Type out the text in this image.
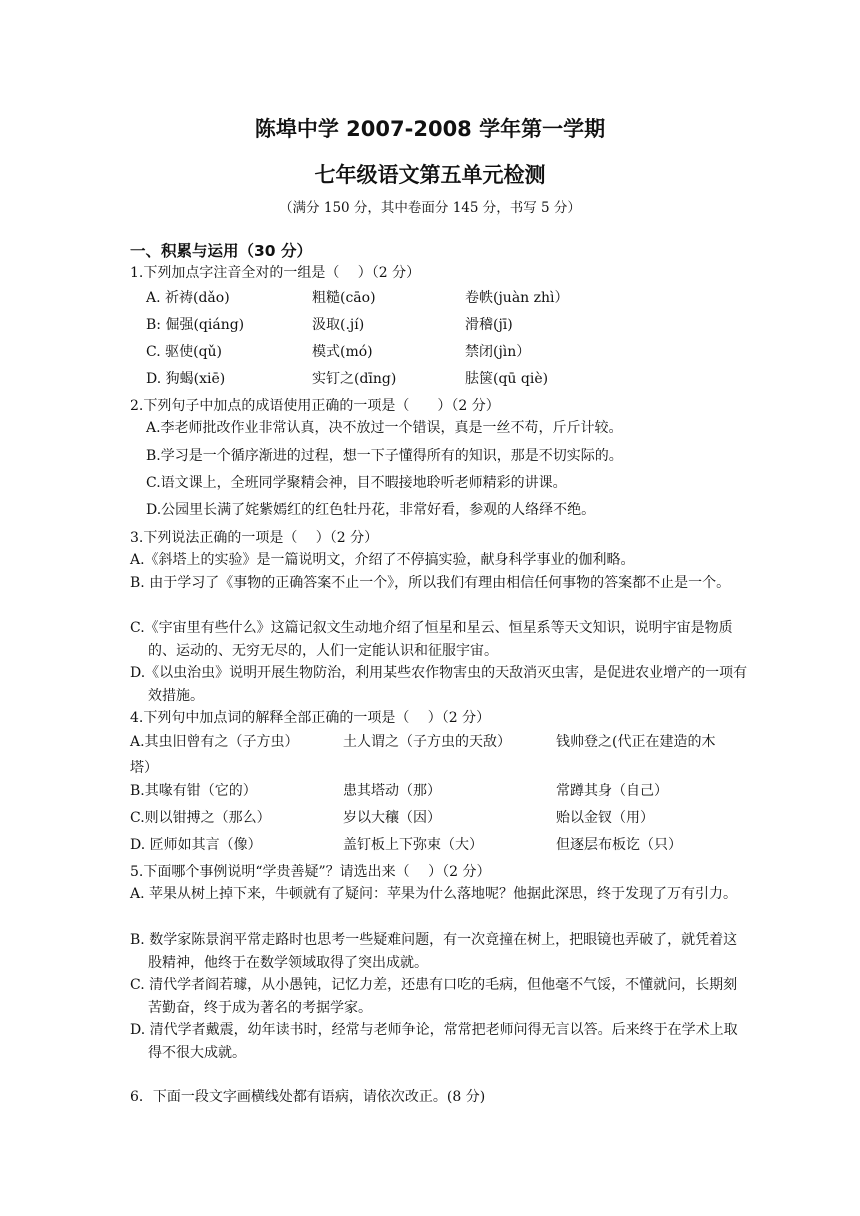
陈埠中学 2007-2008 学年第一学期
七年级语文第五单元检测
（满分 150 分，其中卷面分 145 分，书写 5 分）
一、积累与运用（30 分）
1.下列加点字注音全对的一组是（　 ）（2 分）
A. 祈祷(dǎo)	粗糙(cāo)	卷帙(juàn zhì）
B: 倔强(qiáng)	汲取(.jí)	滑稽(jī)
C. 驱使(qǔ)	模式(mó)	禁闭(jìn）
D. 狗蝎(xiē)	实钉之(dīng)	胠箧(qū qiè)
2.下列句子中加点的成语使用正确的一项是（　　）（2 分）
A.李老师批改作业非常认真，决不放过一个错误，真是一丝不苟，斤斤计较。
B.学习是一个循序渐进的过程，想一下子懂得所有的知识，那是不切实际的。
C.语文课上，全班同学聚精会神，目不暇接地聆听老师精彩的讲课。
D.公园里长满了姹紫嫣红的红色牡丹花，非常好看，参观的人络绎不绝。
3.下列说法正确的一项是（　 ）（2 分）
A.《斜塔上的实验》是一篇说明文，介绍了不停搞实验，献身科学事业的伽利略。
B. 由于学习了《事物的正确答案不止一个》，所以我们有理由相信任何事物的答案都不止是一个。
C.《宇宙里有些什么》这篇记叙文生动地介绍了恒星和星云、恒星系等天文知识，说明宇宙是物质的、运动的、无穷无尽的，人们一定能认识和征服宇宙。
D.《以虫治虫》说明开展生物防治，利用某些农作物害虫的天敌消灭虫害，是促进农业增产的一项有效措施。
4.下列句中加点词的解释全部正确的一项是（　 ）（2 分）
A.其虫旧曾有之（子方虫）	土人谓之（子方虫的天敌）	钱帅登之(代正在建造的木
塔）
B.其喙有钳（它的）	患其塔动（那）	常蹲其身（自己）
C.则以钳搏之（那么）	岁以大穰（因）	贻以金钗（用）
D. 匠师如其言（像）	盖钉板上下弥束（大）	但逐层布板讫（只）
5.下面哪个事例说明“学贵善疑”？请选出来（　 ）（2 分）
A. 苹果从树上掉下来，牛顿就有了疑问：苹果为什么落地呢？他据此深思，终于发现了万有引力。
B. 数学家陈景润平常走路时也思考一些疑难问题，有一次竟撞在树上，把眼镜也弄破了，就凭着这股精神，他终于在数学领域取得了突出成就。
C. 清代学者阎若璩，从小愚钝，记忆力差，还患有口吃的毛病，但他毫不气馁，不懂就问，长期刻苦勤奋，终于成为著名的考据学家。
D. 清代学者戴震，幼年读书时，经常与老师争论，常常把老师问得无言以答。后来终于在学术上取得不很大成就。
6．下面一段文字画横线处都有语病，请依次改正。(8 分)
